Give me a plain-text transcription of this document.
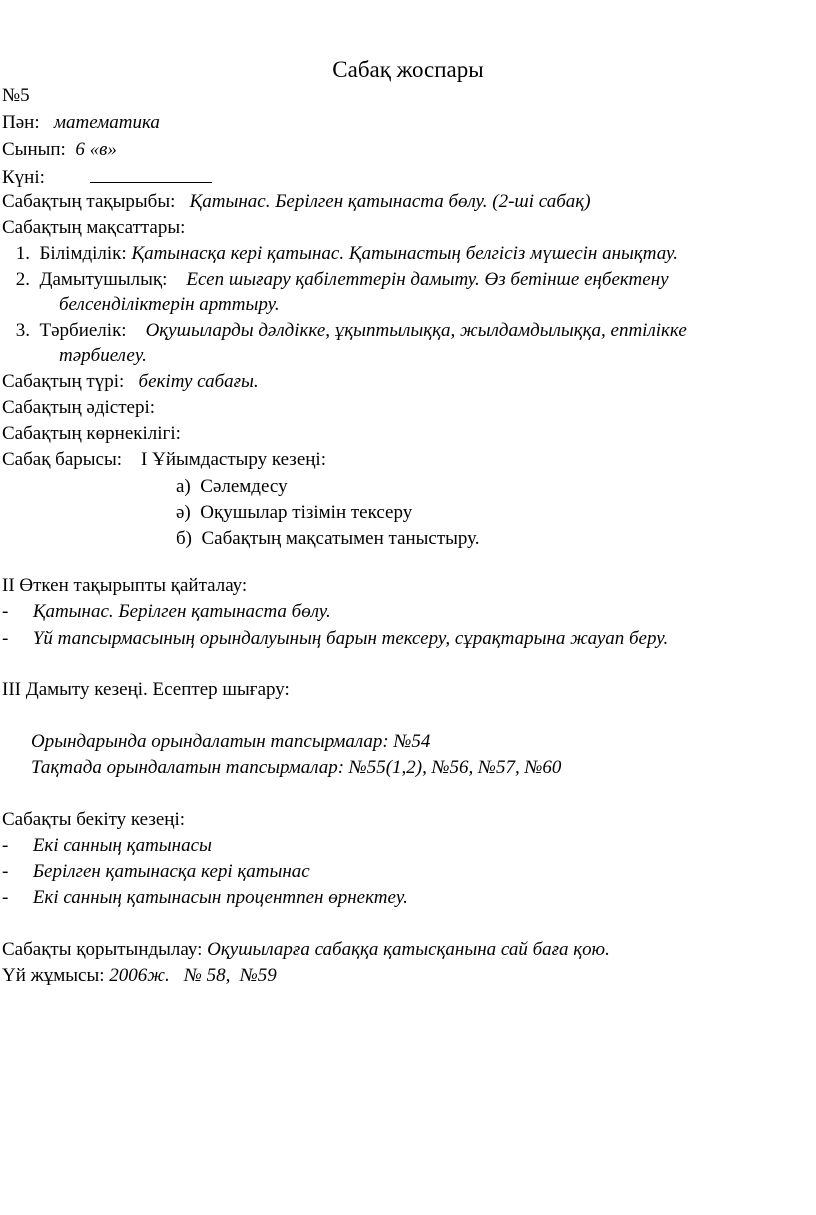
Сабақ жоспары
№5
Пән: математика
Сынып: 6 «в»
Күні:
Сабақтың тақырыбы: Қатынас. Берілген қатынаста бөлу. (2-ші сабақ)
Сабақтың мақсаттары:
1. Білімділік: Қатынасқа кері қатынас. Қатынастың белгісіз мүшесін анықтау.
2. Дамытушылық: Есеп шығару қабілеттерін дамыту. Өз бетінше еңбектену
белсенділіктерін арттыру.
3. Тәрбиелік: Оқушыларды дәлдікке, ұқыптылыққа, жылдамдылыққа, ептілікке
тәрбиелеу.
Сабақтың түрі: бекіту сабағы.
Сабақтың әдістері:
Сабақтың көрнекілігі:
Сабақ барысы: I Ұйымдастыру кезеңі:
а) Сәлемдесу
ә) Оқушылар тізімін тексеру
б) Сабақтың мақсатымен таныстыру.
II Өткен тақырыпты қайталау:
- Қатынас. Берілген қатынаста бөлу.
- Үй тапсырмасының орындалуының барын тексеру, сұрақтарына жауап беру.
III Дамыту кезеңі. Есептер шығару:
Орындарында орындалатын тапсырмалар: №54
Тақтада орындалатын тапсырмалар: №55(1,2), №56, №57, №60
Сабақты бекіту кезеңі:
- Екі санның қатынасы
- Берілген қатынасқа кері қатынас
- Екі санның қатынасын процентпен өрнектеу.
Сабақты қорытындылау: Оқушыларға сабаққа қатысқанына сай баға қою.
Үй жұмысы: 2006ж.   № 58,  №59
